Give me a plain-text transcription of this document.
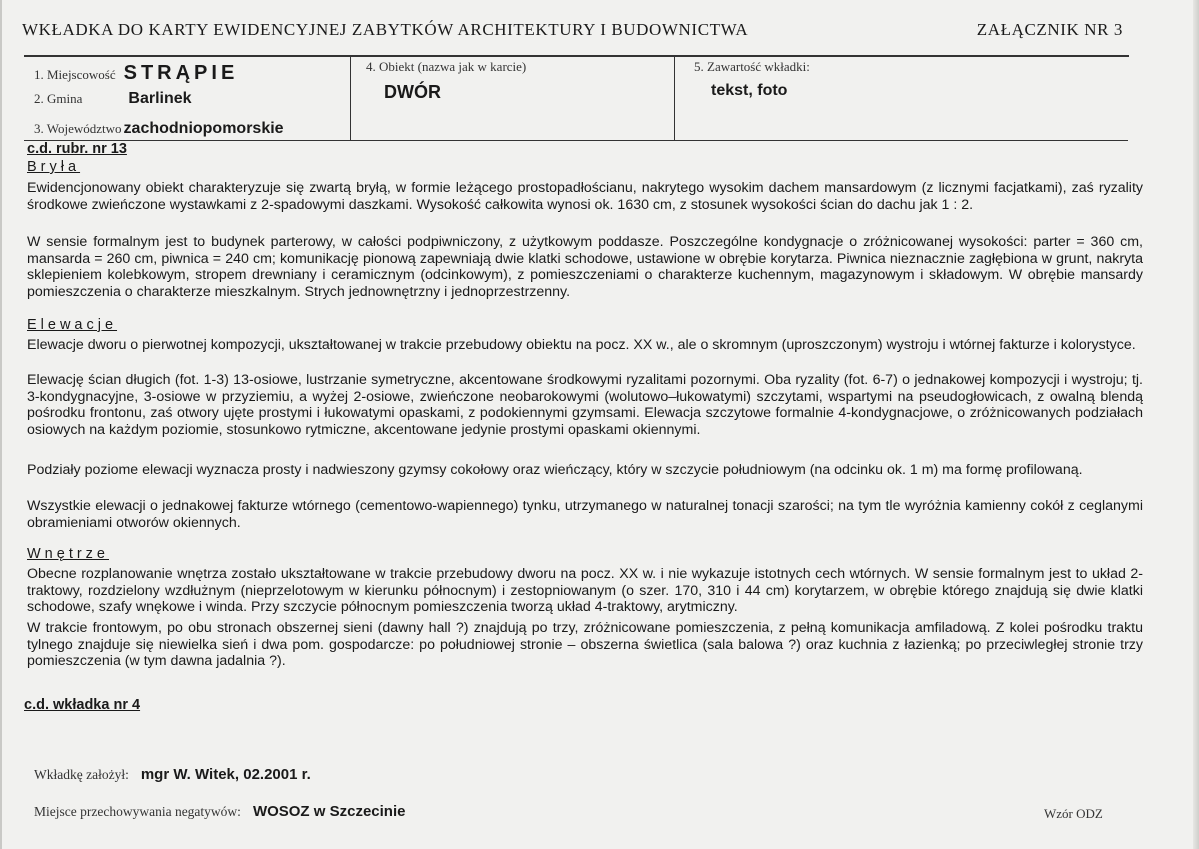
WKŁADKA DO KARTY EWIDENCYJNEJ ZABYTKÓW ARCHITEKTURY I BUDOWNICTWA	ZAŁĄCZNIK NR 3
1. Miejscowość STRĄPIE
2. Gmina	Barlinek
3. Województwo zachodniopomorskie
4. Obiekt (nazwa jak w karcie)
DWÓR
5. Zawartość wkładki:
tekst, foto
c.d. rubr. nr 13
Bryła
Ewidencjonowany obiekt charakteryzuje się zwartą bryłą, w formie leżącego prostopadłościanu, nakrytego wysokim dachem mansardowym (z licznymi facjatkami), zaś ryzality środkowe zwieńczone wystawkami z 2-spadowymi daszkami. Wysokość całkowita wynosi ok. 1630 cm, z stosunek wysokości ścian do dachu jak 1 : 2.
W sensie formalnym jest to budynek parterowy, w całości podpiwniczony, z użytkowym poddasze. Poszczególne kondygnacje o zróżnicowanej wysokości: parter = 360 cm, mansarda = 260 cm, piwnica = 240 cm; komunikację pionową zapewniają dwie klatki schodowe, ustawione w obrębie korytarza. Piwnica nieznacznie zagłębiona w grunt, nakryta sklepieniem kolebkowym, stropem drewniany i ceramicznym (odcinkowym), z pomieszczeniami o charakterze kuchennym, magazynowym i składowym. W obrębie mansardy pomieszczenia o charakterze mieszkalnym. Strych jednownętrzny i jednoprzestrzenny.
Elewacje
Elewacje dworu o pierwotnej kompozycji, ukształtowanej w trakcie przebudowy obiektu na pocz. XX w., ale o skromnym (uproszczonym) wystroju i wtórnej fakturze i kolorystyce.
Elewację ścian długich (fot. 1-3) 13-osiowe, lustrzanie symetryczne, akcentowane środkowymi ryzalitami pozornymi. Oba ryzality (fot. 6-7) o jednakowej kompozycji i wystroju; tj. 3-kondygnacyjne, 3-osiowe w przyziemiu, a wyżej 2-osiowe, zwieńczone neobarokowymi (wolutowo–łukowatymi) szczytami, wspartymi na pseudogłowicach, z owalną blendą pośrodku frontonu, zaś otwory ujęte prostymi i łukowatymi opaskami, z podokiennymi gzymsami. Elewacja szczytowe formalnie 4-kondygnacjowe, o zróżnicowanych podziałach osiowych na każdym poziomie, stosunkowo rytmiczne, akcentowane jedynie prostymi opaskami okiennymi.
Podziały poziome elewacji wyznacza prosty i nadwieszony gzymsy cokołowy oraz wieńczący, który w szczycie południowym (na odcinku ok. 1 m) ma formę profilowaną.
Wszystkie elewacji o jednakowej fakturze wtórnego (cementowo-wapiennego) tynku, utrzymanego w naturalnej tonacji szarości; na tym tle wyróżnia kamienny cokół z ceglanymi obramieniami otworów okiennych.
Wnętrze
Obecne rozplanowanie wnętrza zostało ukształtowane w trakcie przebudowy dworu na pocz. XX w. i nie wykazuje istotnych cech wtórnych. W sensie formalnym jest to układ 2-traktowy, rozdzielony wzdłużnym (nieprzelotowym w kierunku północnym) i zestopniowanym (o szer. 170, 310 i 44 cm) korytarzem, w obrębie którego znajdują się dwie klatki schodowe, szafy wnękowe i winda. Przy szczycie północnym pomieszczenia tworzą układ 4-traktowy, arytmiczny.
W trakcie frontowym, po obu stronach obszernej sieni (dawny hall ?) znajdują po trzy, zróżnicowane pomieszczenia, z pełną komunikacja amfiladową. Z kolei pośrodku traktu tylnego znajduje się niewielka sień i dwa pom. gospodarcze: po południowej stronie – obszerna świetlica (sala balowa ?) oraz kuchnia z łazienką; po przeciwległej stronie trzy pomieszczenia (w tym dawna jadalnia ?).
c.d. wkładka nr 4
Wkładkę założył: mgr W. Witek, 02.2001 r.
Miejsce przechowywania negatywów: WOSOZ w Szczecinie	Wzór ODZ
